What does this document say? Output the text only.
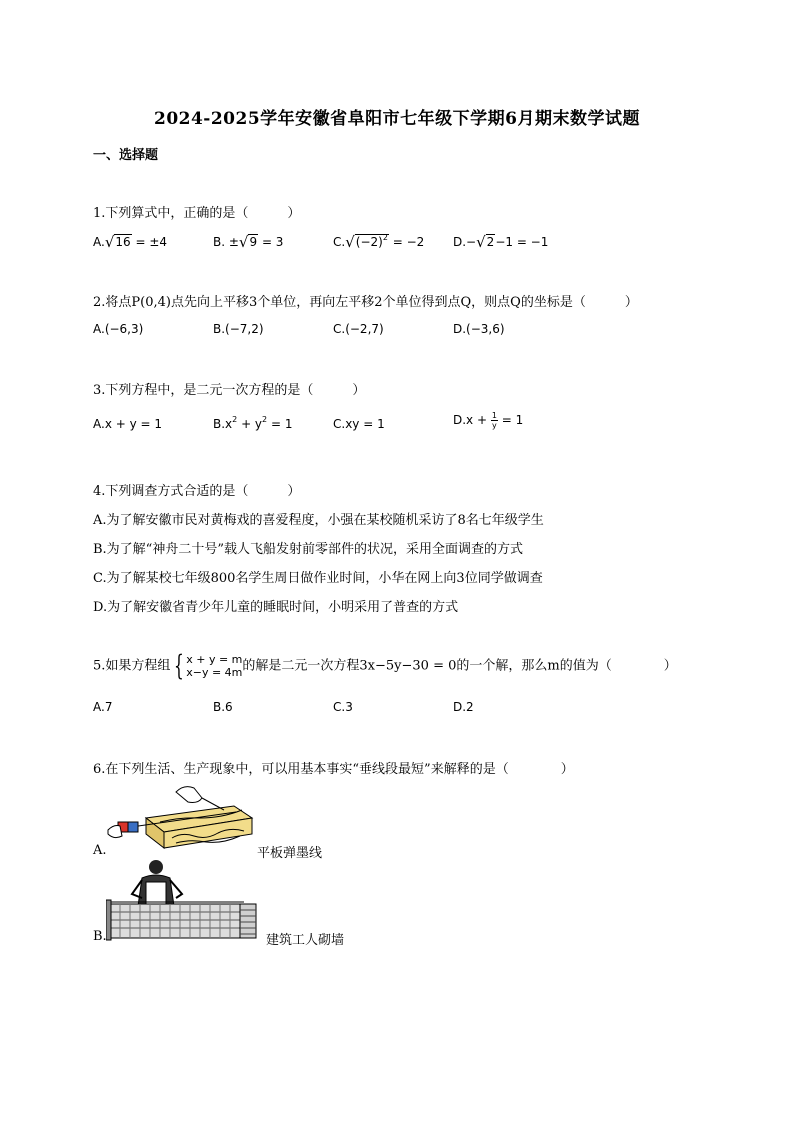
2024-2025学年安徽省阜阳市七年级下学期6月期末数学试题
一、选择题
1.下列算式中，正确的是（　　　）
A.√16 = ±4	B. ±√9 = 3	$C.√(-2)^2 = -2$ D.−√2−1 = −1
2.将点P(0,4)点先向上平移3个单位，再向左平移2个单位得到点Q，则点Q的坐标是（　　　）
A.(−6,3)	B.(−7,2)	C.(−2,7)	D.(−3,6)
3.下列方程中，是二元一次方程的是（　　　）
A.x + y = 1	$B.x^2 + y^2 = 1$	C.xy = 1	$D.x + \frac{1}{y} = 1$
4.下列调查方式合适的是（　　　）
A.为了解安徽市民对黄梅戏的喜爱程度，小强在某校随机采访了8名七年级学生
B.为了解“神舟二十号”载人飞船发射前零部件的状况，采用全面调查的方式
C.为了解某校七年级800名学生周日做作业时间，小华在网上向3位同学做调查
D.为了解安徽省青少年儿童的睡眠时间，小明采用了普查的方式
5.如果方程组 { x + y = m
x−y = 4m 的解是二元一次方程3x−5y−30 = 0的一个解，那么m的值为（　　　　）
A.7	B.6	C.3	D.2
6.在下列生活、生产现象中，可以用基本事实“垂线段最短”来解释的是（　　　　）
A.	平板弹墨线
B.	建筑工人砌墙
